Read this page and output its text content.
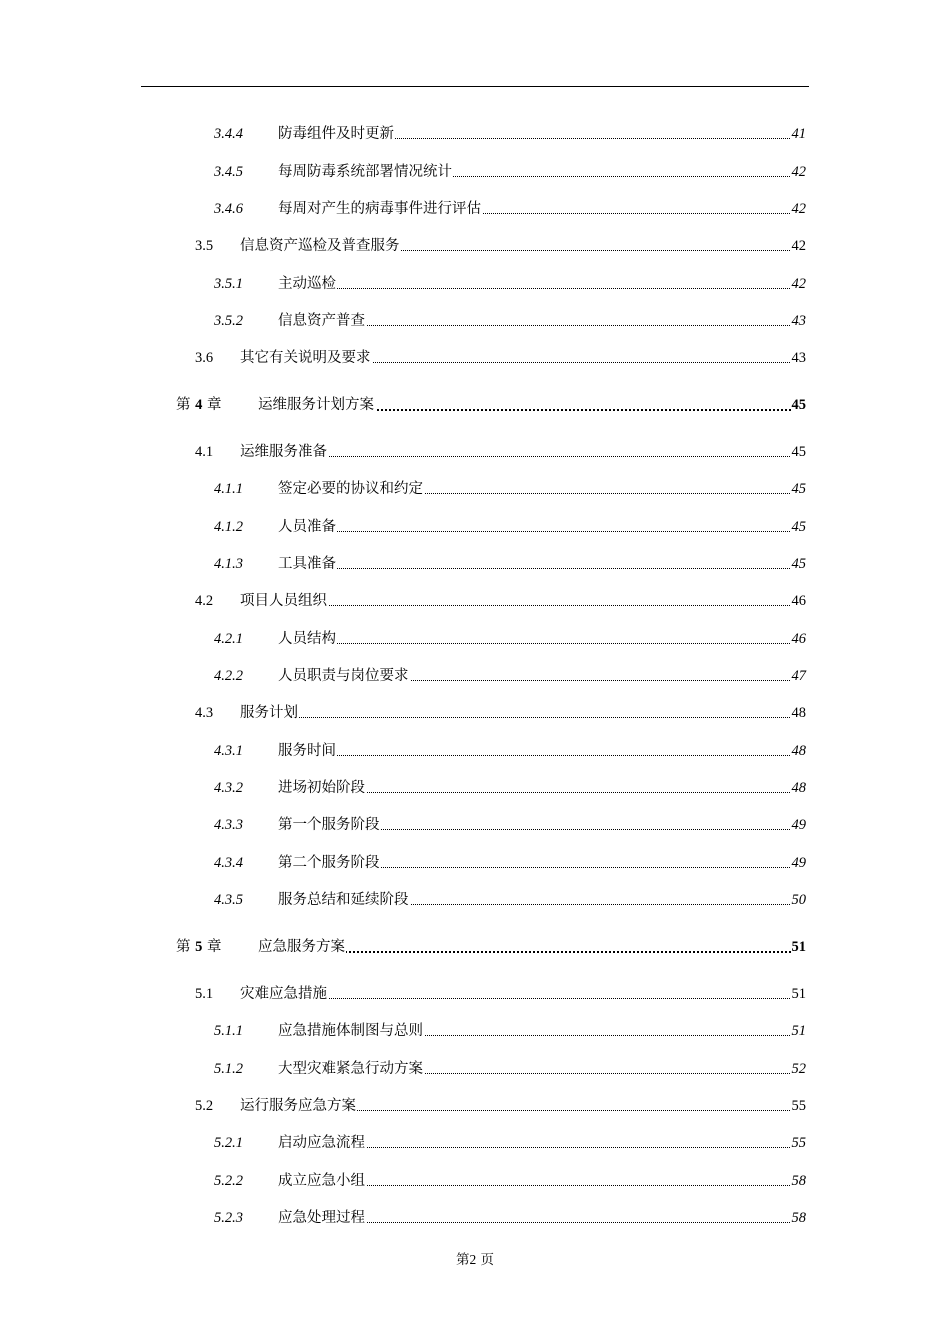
3.4.4 防毒组件及时更新	41
3.4.5 每周防毒系统部署情况统计	42
3.4.6 每周对产生的病毒事件进行评估	42
3.5 信息资产巡检及普查服务	42
3.5.1 主动巡检	42
3.5.2 信息资产普查	43
3.6 其它有关说明及要求	43
第 4 章	运维服务计划方案	45
4.1 运维服务准备	45
4.1.1 签定必要的协议和约定	45
4.1.2 人员准备	45
4.1.3 工具准备	45
4.2 项目人员组织	46
4.2.1 人员结构	46
4.2.2 人员职责与岗位要求	47
4.3 服务计划	48
4.3.1 服务时间	48
4.3.2 进场初始阶段	48
4.3.3 第一个服务阶段	49
4.3.4 第二个服务阶段	49
4.3.5 服务总结和延续阶段	50
第 5 章	应急服务方案	51
5.1 灾难应急措施	51
5.1.1 应急措施体制图与总则	51
5.1.2 大型灾难紧急行动方案	52
5.2 运行服务应急方案	55
5.2.1 启动应急流程	55
5.2.2 成立应急小组	58
5.2.3 应急处理过程	58
第2 页
